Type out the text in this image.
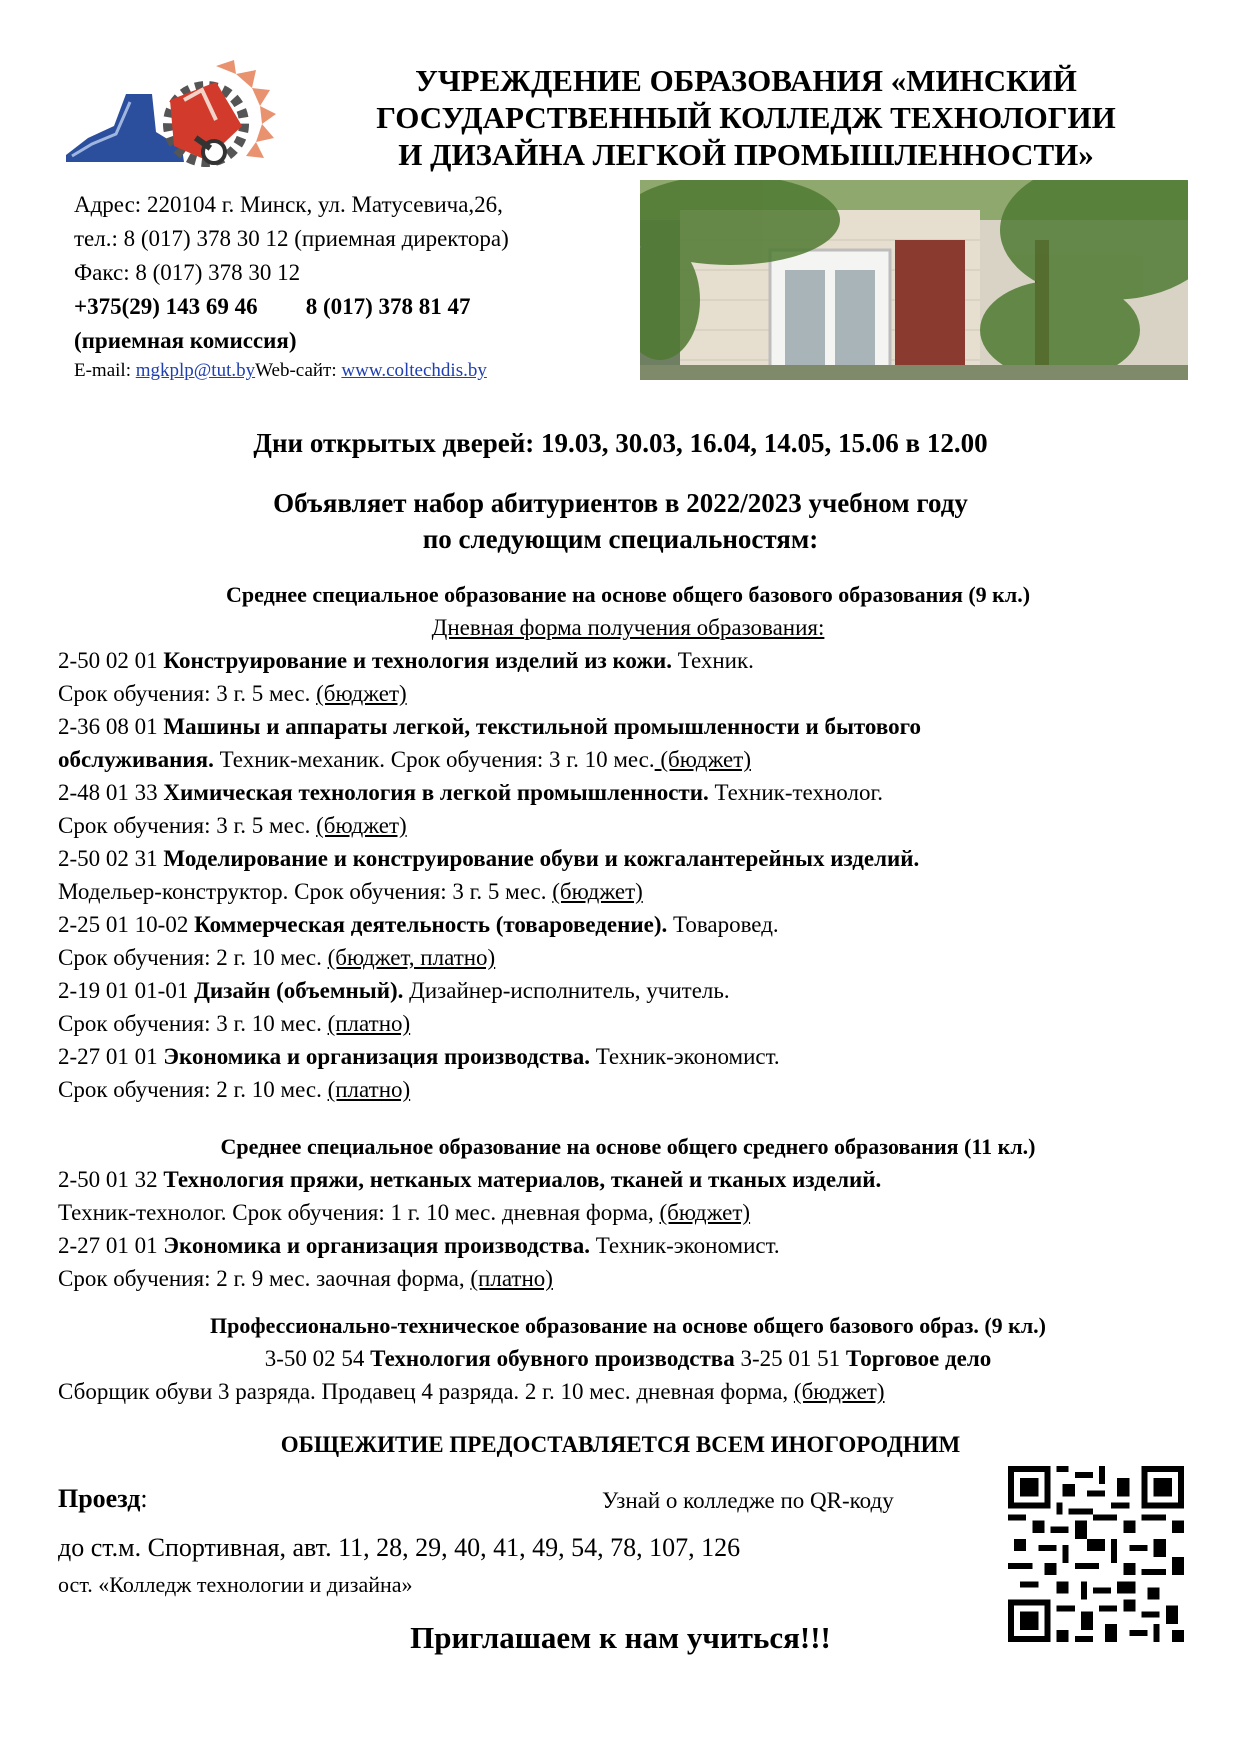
УЧРЕЖДЕНИЕ ОБРАЗОВАНИЯ «МИНСКИЙ
ГОСУДАРСТВЕННЫЙ КОЛЛЕДЖ ТЕХНОЛОГИИ
И ДИЗАЙНА ЛЕГКОЙ ПРОМЫШЛЕННОСТИ»
Адрес: 220104 г. Минск, ул. Матусевича,26,
тел.: 8 (017) 378 30 12 (приемная директора)
Факс: 8 (017) 378 30 12
+375(29) 143 69 46 8 (017) 378 81 47
(приемная комиссия)
E-mail: mgkplp@tut.byWeb-сайт: www.coltechdis.by
Дни открытых дверей: 19.03, 30.03, 16.04, 14.05, 15.06 в 12.00
Объявляет набор абитуриентов в 2022/2023 учебном году
по следующим специальностям:
Среднее специальное образование на основе общего базового образования (9 кл.)
Дневная форма получения образования:
2-50 02 01 Конструирование и технология изделий из кожи. Техник.
Срок обучения: 3 г. 5 мес. (бюджет)
2-36 08 01 Машины и аппараты легкой, текстильной промышленности и бытового
обслуживания. Техник-механик. Срок обучения: 3 г. 10 мес. (бюджет)
2-48 01 33 Химическая технология в легкой промышленности. Техник-технолог.
Срок обучения: 3 г. 5 мес. (бюджет)
2-50 02 31 Моделирование и конструирование обуви и кожгалантерейных изделий.
Модельер-конструктор. Срок обучения: 3 г. 5 мес. (бюджет)
2-25 01 10-02 Коммерческая деятельность (товароведение). Товаровед.
Срок обучения: 2 г. 10 мес. (бюджет, платно)
2-19 01 01-01 Дизайн (объемный). Дизайнер-исполнитель, учитель.
Срок обучения: 3 г. 10 мес. (платно)
2-27 01 01 Экономика и организация производства. Техник-экономист.
Срок обучения: 2 г. 10 мес. (платно)
Среднее специальное образование на основе общего среднего образования (11 кл.)
2-50 01 32 Технология пряжи, нетканых материалов, тканей и тканых изделий.
Техник-технолог. Срок обучения: 1 г. 10 мес. дневная форма, (бюджет)
2-27 01 01 Экономика и организация производства. Техник-экономист.
Срок обучения: 2 г. 9 мес. заочная форма, (платно)
Профессионально-техническое образование на основе общего базового образ. (9 кл.)
3-50 02 54 Технология обувного производства 3-25 01 51 Торговое дело
Сборщик обуви 3 разряда. Продавец 4 разряда. 2 г. 10 мес. дневная форма, (бюджет)
ОБЩЕЖИТИЕ ПРЕДОСТАВЛЯЕТСЯ ВСЕМ ИНОГОРОДНИМ
Проезд:	Узнай о колледже по QR-коду
до ст.м. Спортивная, авт. 11, 28, 29, 40, 41, 49, 54, 78, 107, 126
ост. «Колледж технологии и дизайна»
Приглашаем к нам учиться!!!
